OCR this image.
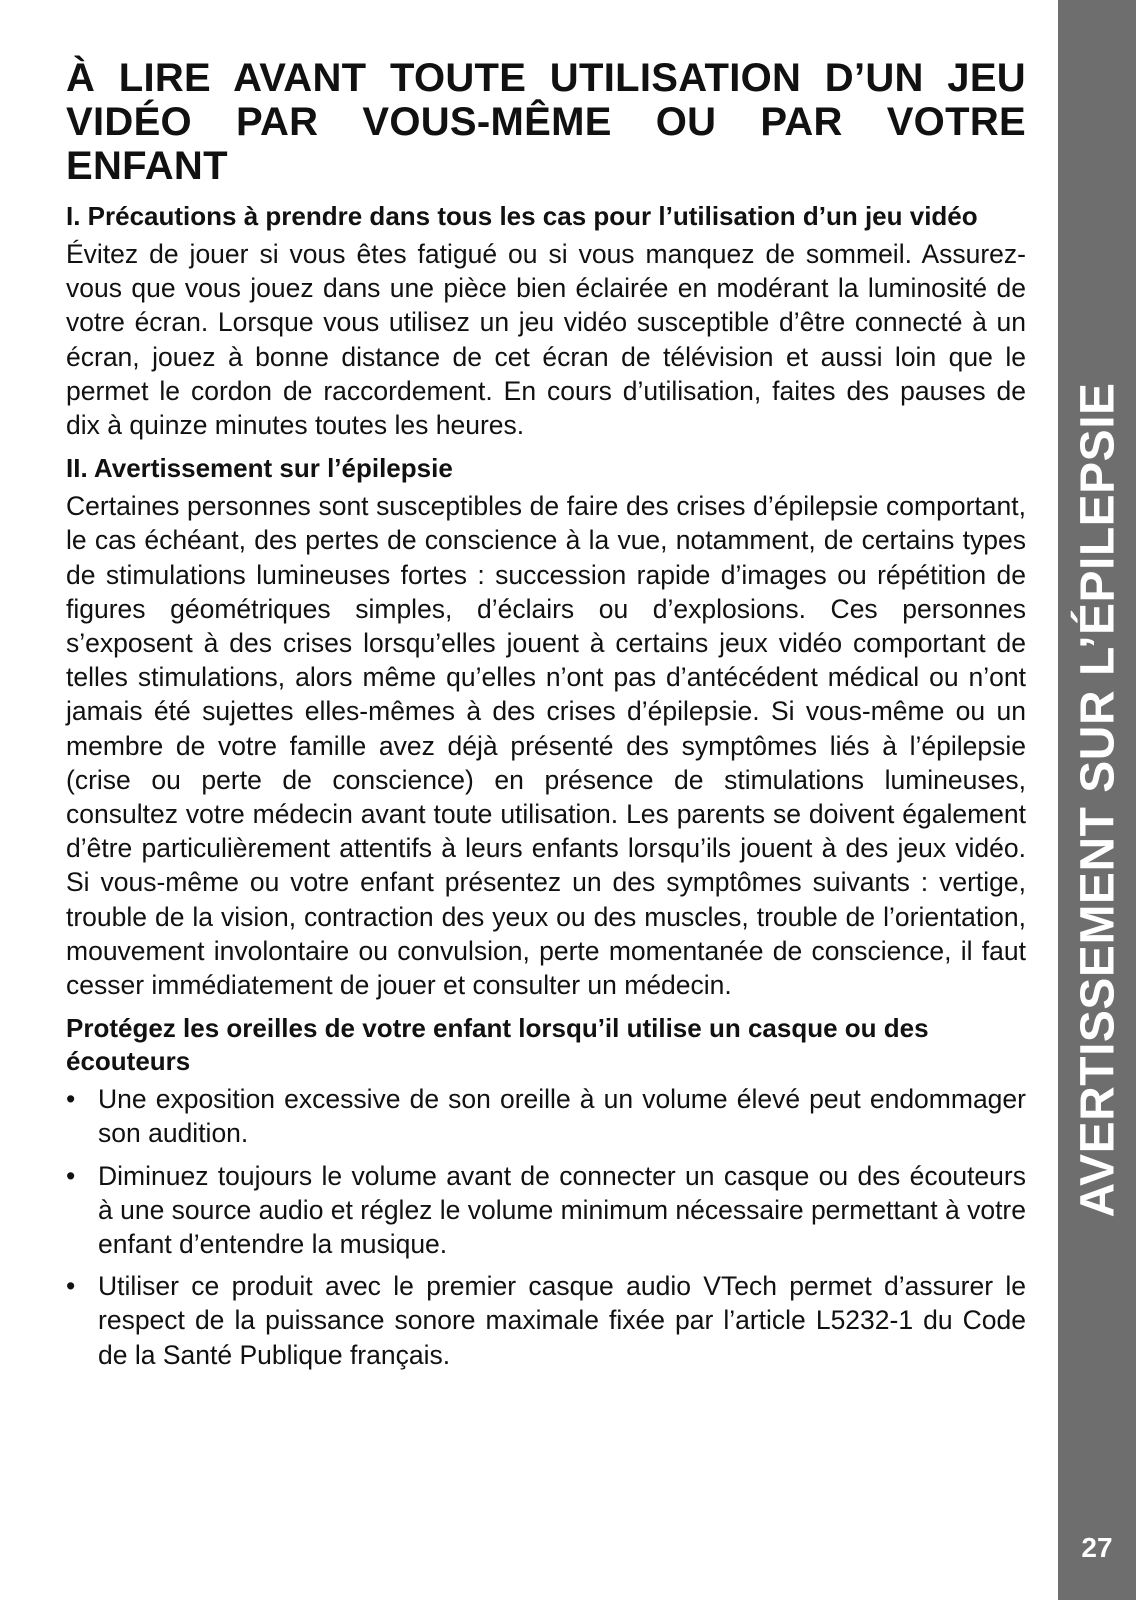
À LIRE AVANT TOUTE UTILISATION D’UN JEU VIDÉO PAR VOUS-MÊME OU PAR VOTRE ENFANT
I. Précautions à prendre dans tous les cas pour l’utilisation d’un jeu vidéo

Évitez de jouer si vous êtes fatigué ou si vous manquez de sommeil. Assurez-vous que vous jouez dans une pièce bien éclairée en modérant la luminosité de votre écran. Lorsque vous utilisez un jeu vidéo susceptible d’être connecté à un écran, jouez à bonne distance de cet écran de télévision et aussi loin que le permet le cordon de raccordement. En cours d’utilisation, faites des pauses de dix à quinze minutes toutes les heures.

II. Avertissement sur l’épilepsie

Certaines personnes sont susceptibles de faire des crises d’épilepsie comportant, le cas échéant, des pertes de conscience à la vue, notamment, de certains types de stimulations lumineuses fortes : succession rapide d’images ou répétition de figures géométriques simples, d’éclairs ou d’explosions. Ces personnes s’exposent à des crises lorsqu’elles jouent à certains jeux vidéo comportant de telles stimulations, alors même qu’elles n’ont pas d’antécédent médical ou n’ont jamais été sujettes elles-mêmes à des crises d’épilepsie. Si vous-même ou un membre de votre famille avez déjà présenté des symptômes liés à l’épilepsie (crise ou perte de conscience) en présence de stimulations lumineuses, consultez votre médecin avant toute utilisation. Les parents se doivent également d’être particulièrement attentifs à leurs enfants lorsqu’ils jouent à des jeux vidéo. Si vous-même ou votre enfant présentez un des symptômes suivants : vertige, trouble de la vision, contraction des yeux ou des muscles, trouble de l’orientation, mouvement involontaire ou convulsion, perte momentanée de conscience, il faut cesser immédiatement de jouer et consulter un médecin.

Protégez les oreilles de votre enfant lorsqu’il utilise un casque ou des écouteurs
• Une exposition excessive de son oreille à un volume élevé peut endommager son audition.
• Diminuez toujours le volume avant de connecter un casque ou des écouteurs à une source audio et réglez le volume minimum nécessaire permettant à votre enfant d’entendre la musique.
• Utiliser ce produit avec le premier casque audio VTech permet d’assurer le respect de la puissance sonore maximale fixée par l’article L5232-1 du Code de la Santé Publique français.
AVERTISSEMENT SUR L’ÉPILEPSIE
27
